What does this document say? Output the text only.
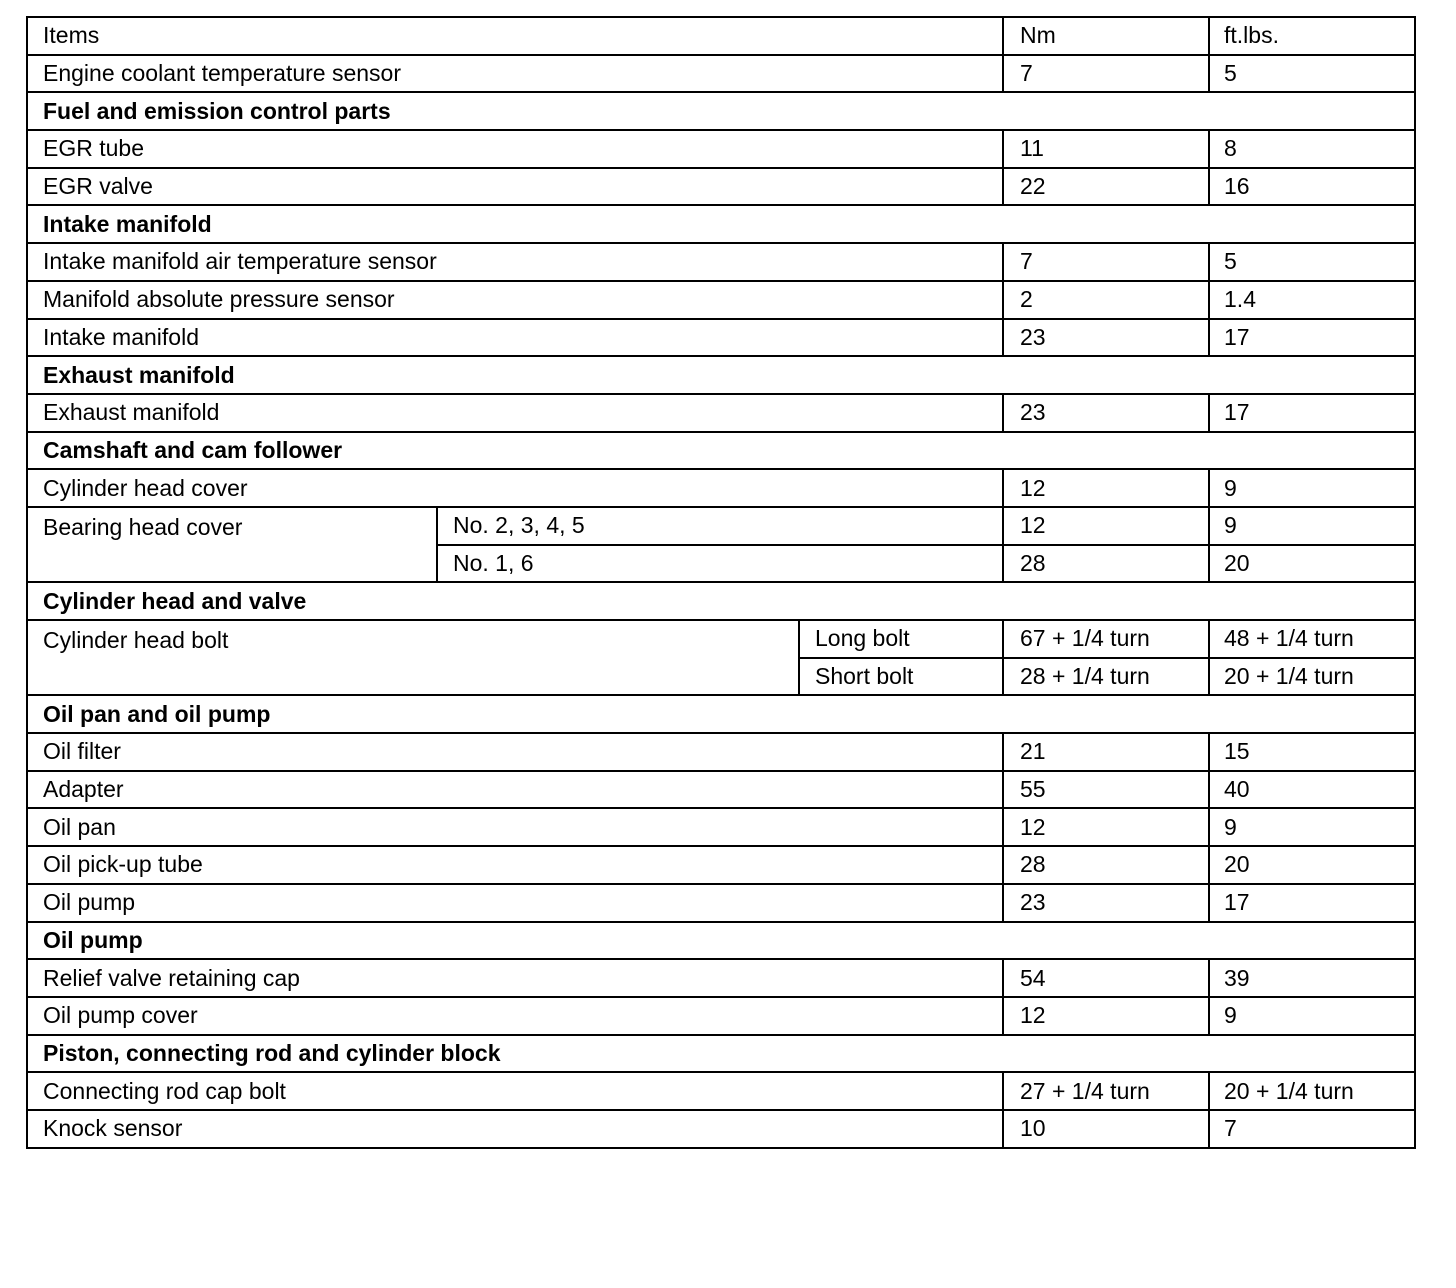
Items			Nm	ft.lbs.
Engine coolant temperature sensor			7	5
Fuel and emission control parts				
EGR tube			11	8
EGR valve			22	16
Intake manifold				
Intake manifold air temperature sensor			7	5
Manifold absolute pressure sensor			2	1.4
Intake manifold			23	17
Exhaust manifold				
Exhaust manifold			23	17
Camshaft and cam follower				
Cylinder head cover			12	9
Bearing head cover	No. 2, 3, 4, 5		12	9
	No. 1, 6		28	20
Cylinder head and valve				
Cylinder head bolt		Long bolt	67 + 1/4 turn	48 + 1/4 turn
		Short bolt	28 + 1/4 turn	20 + 1/4 turn
Oil pan and oil pump				
Oil filter			21	15
Adapter			55	40
Oil pan			12	9
Oil pick-up tube			28	20
Oil pump			23	17
Oil pump				
Relief valve retaining cap			54	39
Oil pump cover			12	9
Piston, connecting rod and cylinder block				
Connecting rod cap bolt			27 + 1/4 turn	20 + 1/4 turn
Knock sensor			10	7
